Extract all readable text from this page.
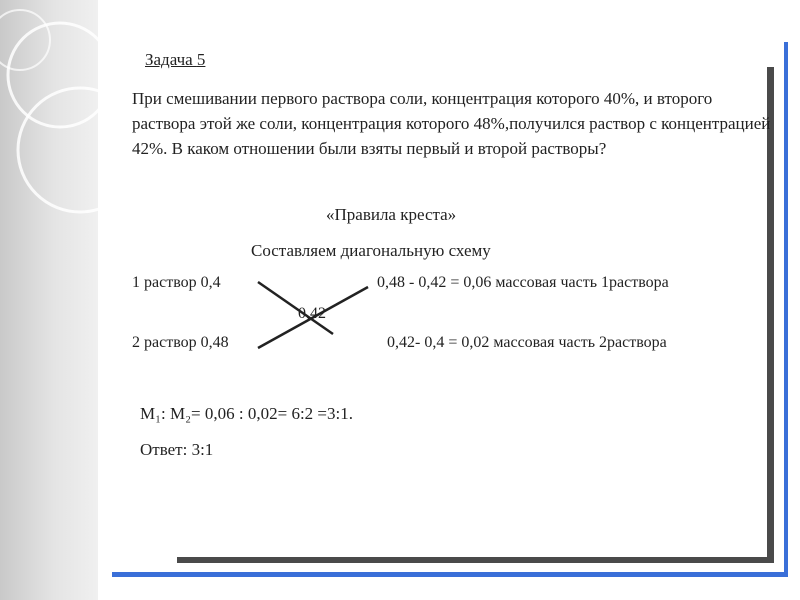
Задача 5
При смешивании первого раствора соли, концентрация которого 40%, и второго раствора этой же соли, концентрация которого 48%,получился раствор с концентрацией 42%. В каком отношении были взяты первый и второй растворы?
«Правила креста»
Составляем диагональную схему
1 раствор 0,4	0,48 - 0,42 = 0,06 массовая часть 1раствора
0,42
2 раствор 0,48	0,42- 0,4 = 0,02 массовая часть 2раствора
M₁: M₂= 0,06 : 0,02= 6:2 =3:1.
Ответ: 3:1
